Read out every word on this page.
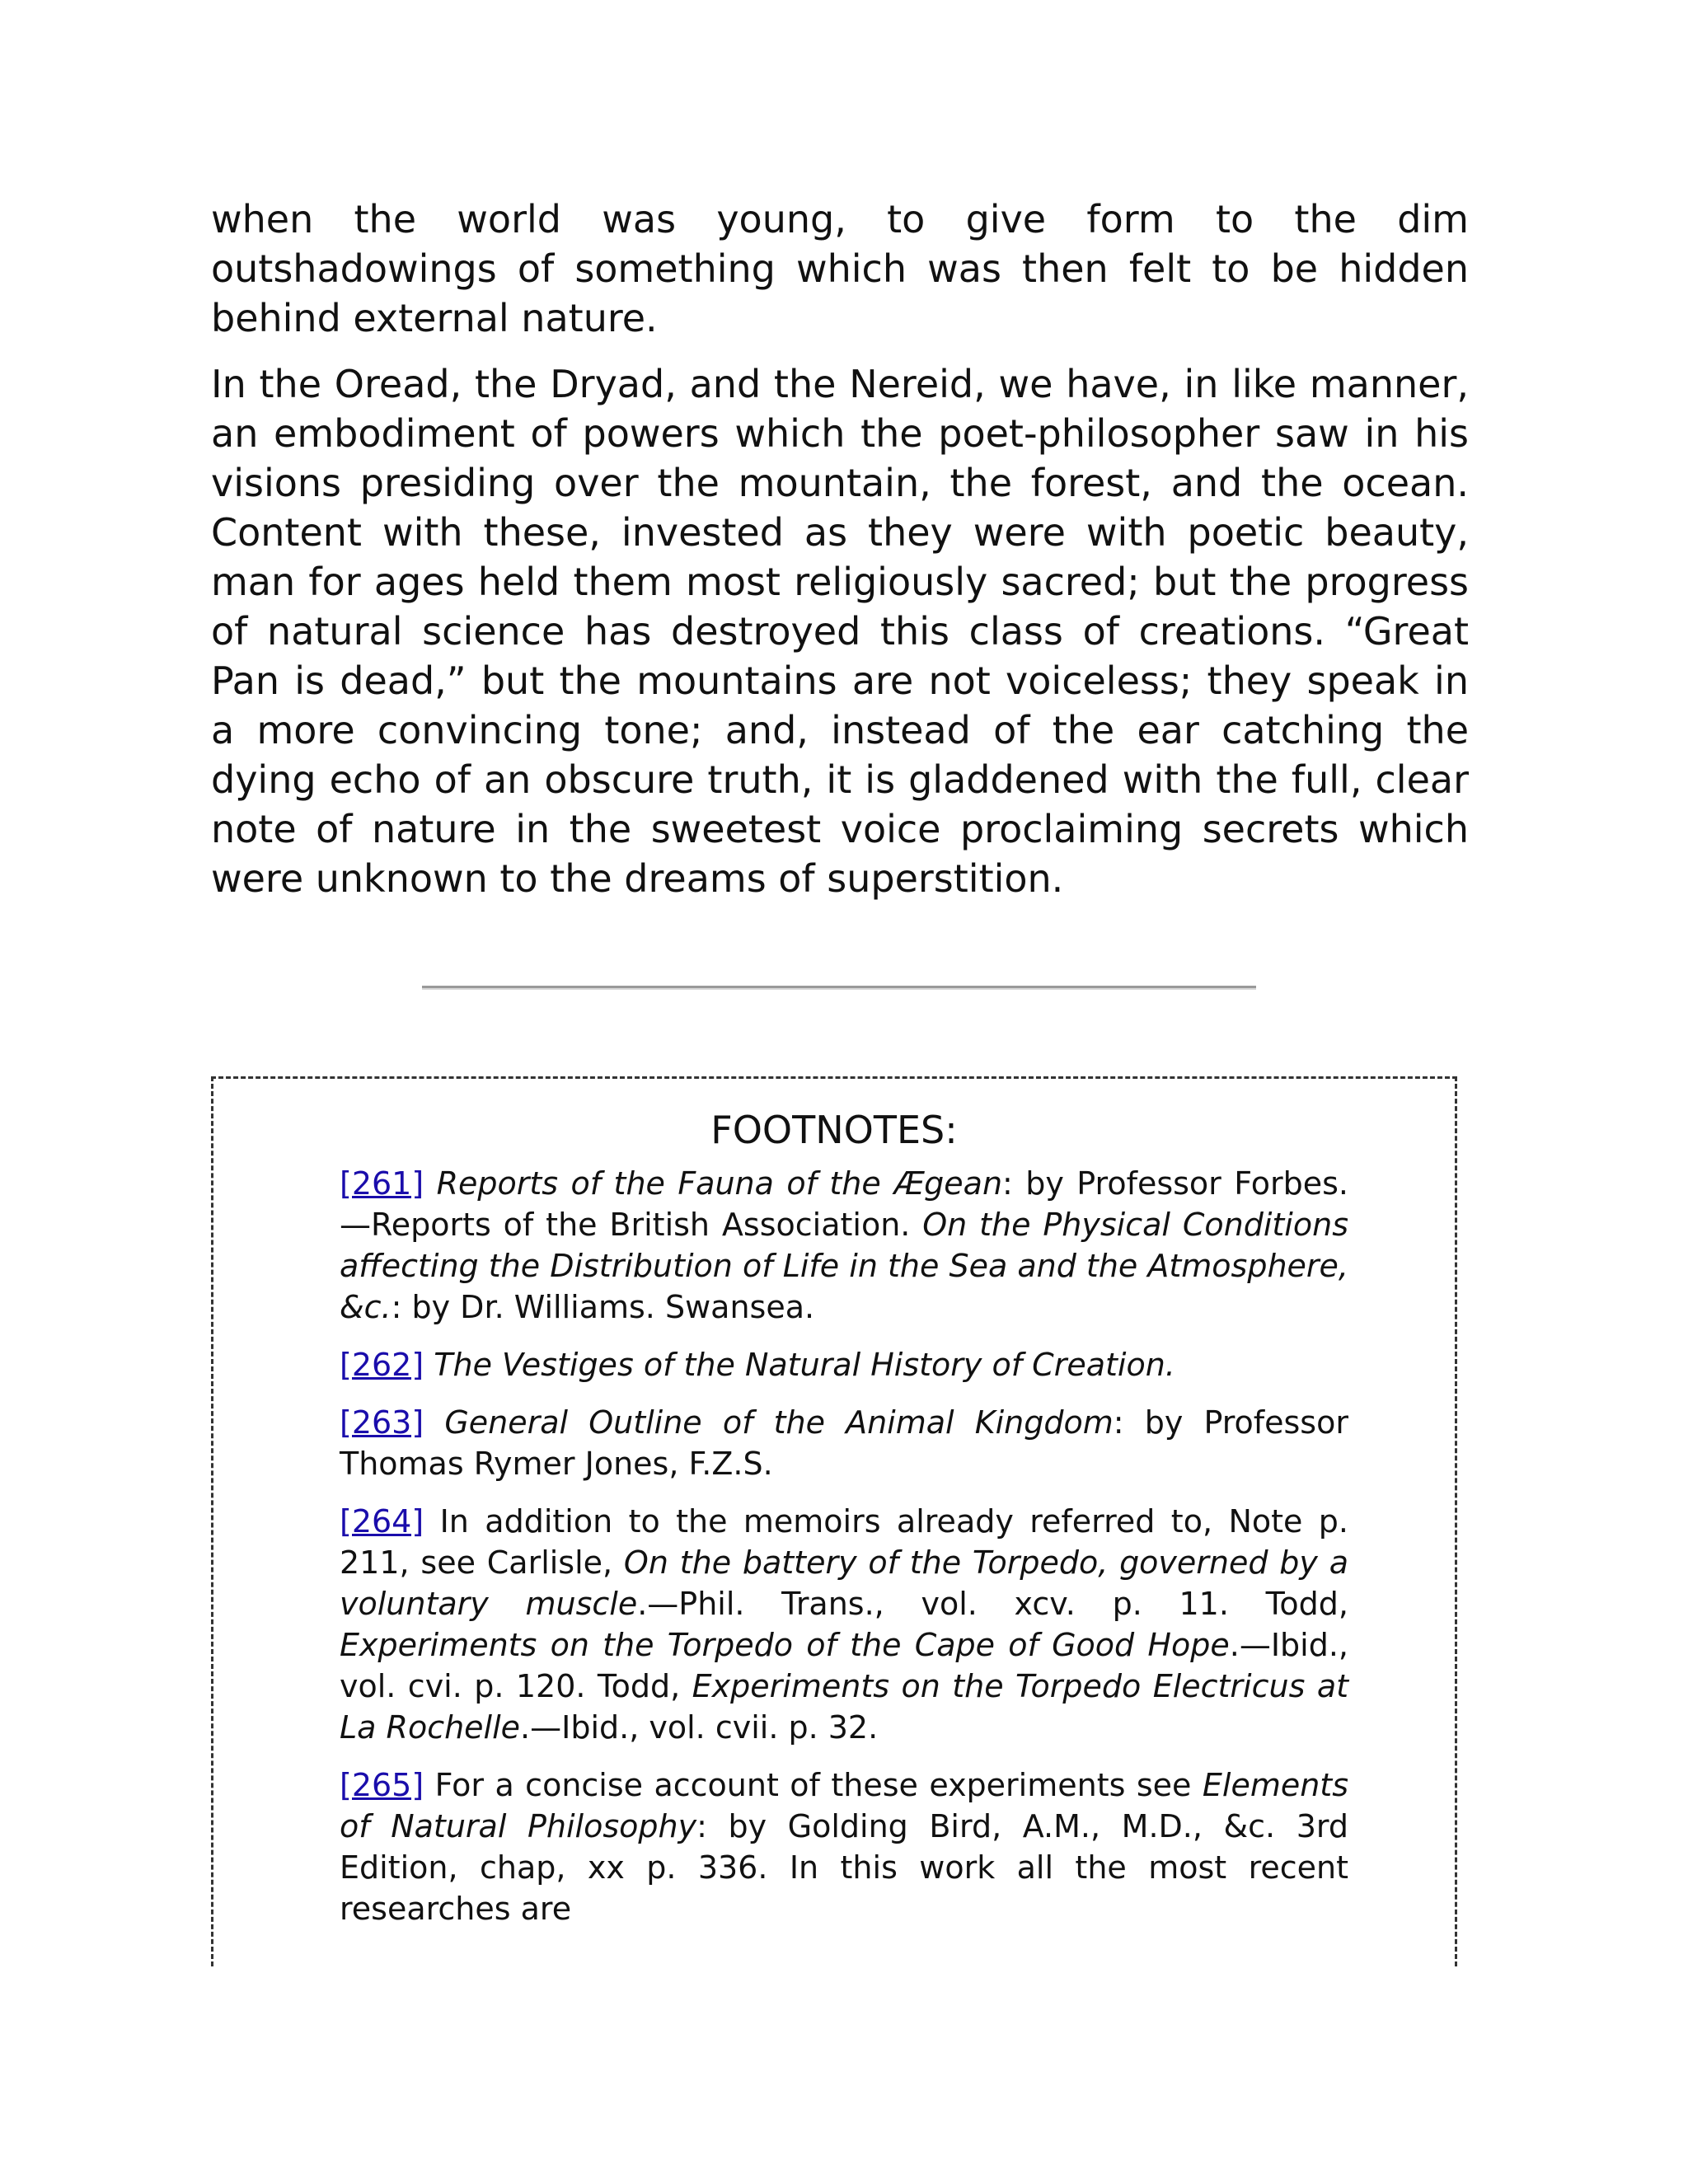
when the world was young, to give form to the dim outshadowings of something which was then felt to be hidden behind external nature.

In the Oread, the Dryad, and the Nereid, we have, in like manner, an embodiment of powers which the poet-philosopher saw in his visions presiding over the mountain, the forest, and the ocean. Content with these, invested as they were with poetic beauty, man for ages held them most religiously sacred; but the progress of natural science has destroyed this class of creations. “Great Pan is dead,” but the mountains are not voiceless; they speak in a more convincing tone; and, instead of the ear catching the dying echo of an obscure truth, it is gladdened with the full, clear note of nature in the sweetest voice proclaiming secrets which were unknown to the dreams of superstition.

FOOTNOTES:

[261] Reports of the Fauna of the Ægean: by Professor Forbes.—Reports of the British Association. On the Physical Conditions affecting the Distribution of Life in the Sea and the Atmosphere, &c.: by Dr. Williams. Swansea.

[262] The Vestiges of the Natural History of Creation.

[263] General Outline of the Animal Kingdom: by Professor Thomas Rymer Jones, F.Z.S.

[264] In addition to the memoirs already referred to, Note p. 211, see Carlisle, On the battery of the Torpedo, governed by a voluntary muscle.—Phil. Trans., vol. xcv. p. 11. Todd, Experiments on the Torpedo of the Cape of Good Hope.—Ibid., vol. cvi. p. 120. Todd, Experiments on the Torpedo Electricus at La Rochelle.—Ibid., vol. cvii. p. 32.

[265] For a concise account of these experiments see Elements of Natural Philosophy: by Golding Bird, A.M., M.D., &c. 3rd Edition, chap, xx p. 336. In this work all the most recent researches are
